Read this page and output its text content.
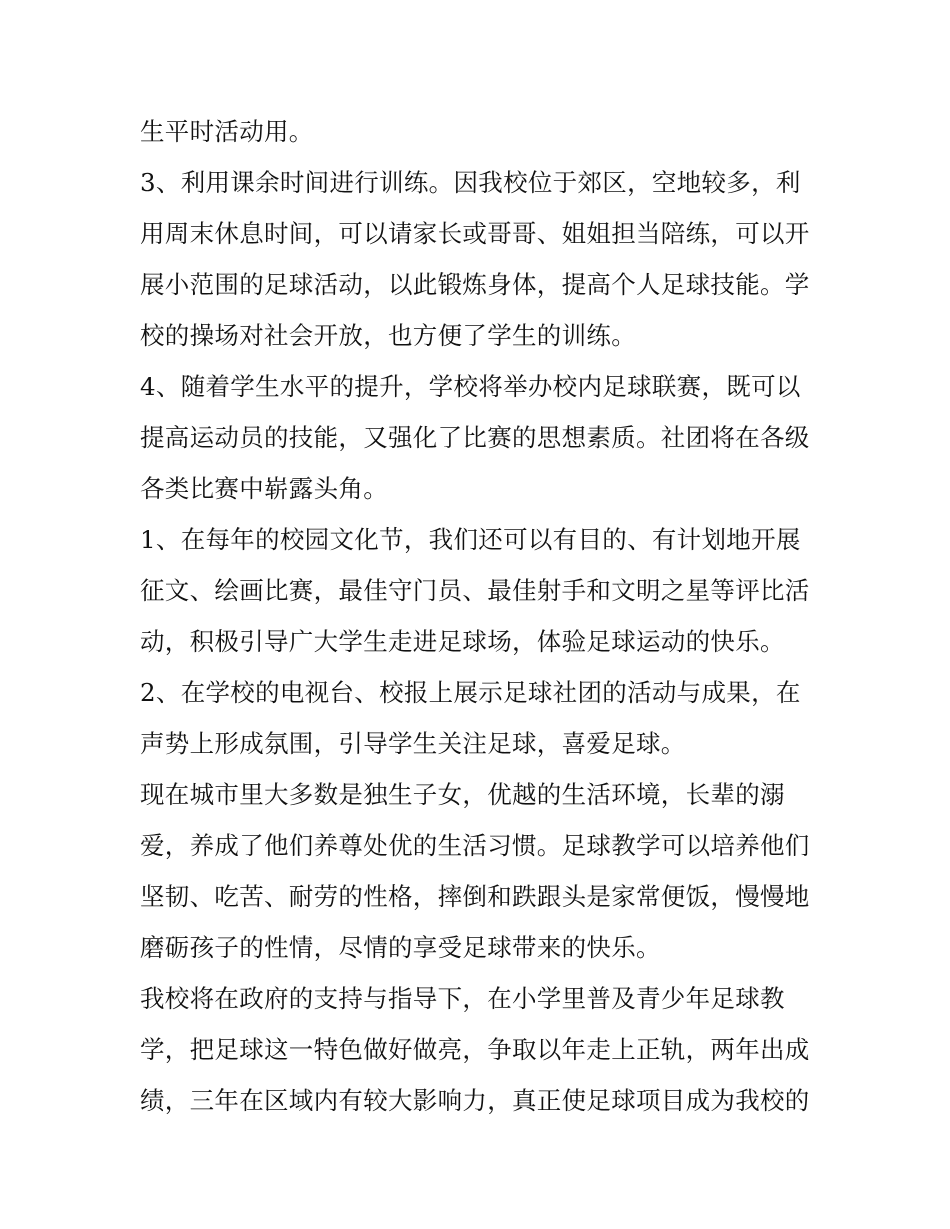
生平时活动用。
3、利用课余时间进行训练。因我校位于郊区，空地较多，利
用周末休息时间，可以请家长或哥哥、姐姐担当陪练，可以开
展小范围的足球活动，以此锻炼身体，提高个人足球技能。学
校的操场对社会开放，也方便了学生的训练。
4、随着学生水平的提升，学校将举办校内足球联赛，既可以
提高运动员的技能，又强化了比赛的思想素质。社团将在各级
各类比赛中崭露头角。
1、在每年的校园文化节，我们还可以有目的、有计划地开展
征文、绘画比赛，最佳守门员、最佳射手和文明之星等评比活
动，积极引导广大学生走进足球场，体验足球运动的快乐。
2、在学校的电视台、校报上展示足球社团的活动与成果，在
声势上形成氛围，引导学生关注足球，喜爱足球。
现在城市里大多数是独生子女，优越的生活环境，长辈的溺
爱，养成了他们养尊处优的生活习惯。足球教学可以培养他们
坚韧、吃苦、耐劳的性格，摔倒和跌跟头是家常便饭，慢慢地
磨砺孩子的性情，尽情的享受足球带来的快乐。
我校将在政府的支持与指导下，在小学里普及青少年足球教
学，把足球这一特色做好做亮，争取以年走上正轨，两年出成
绩，三年在区域内有较大影响力，真正使足球项目成为我校的
